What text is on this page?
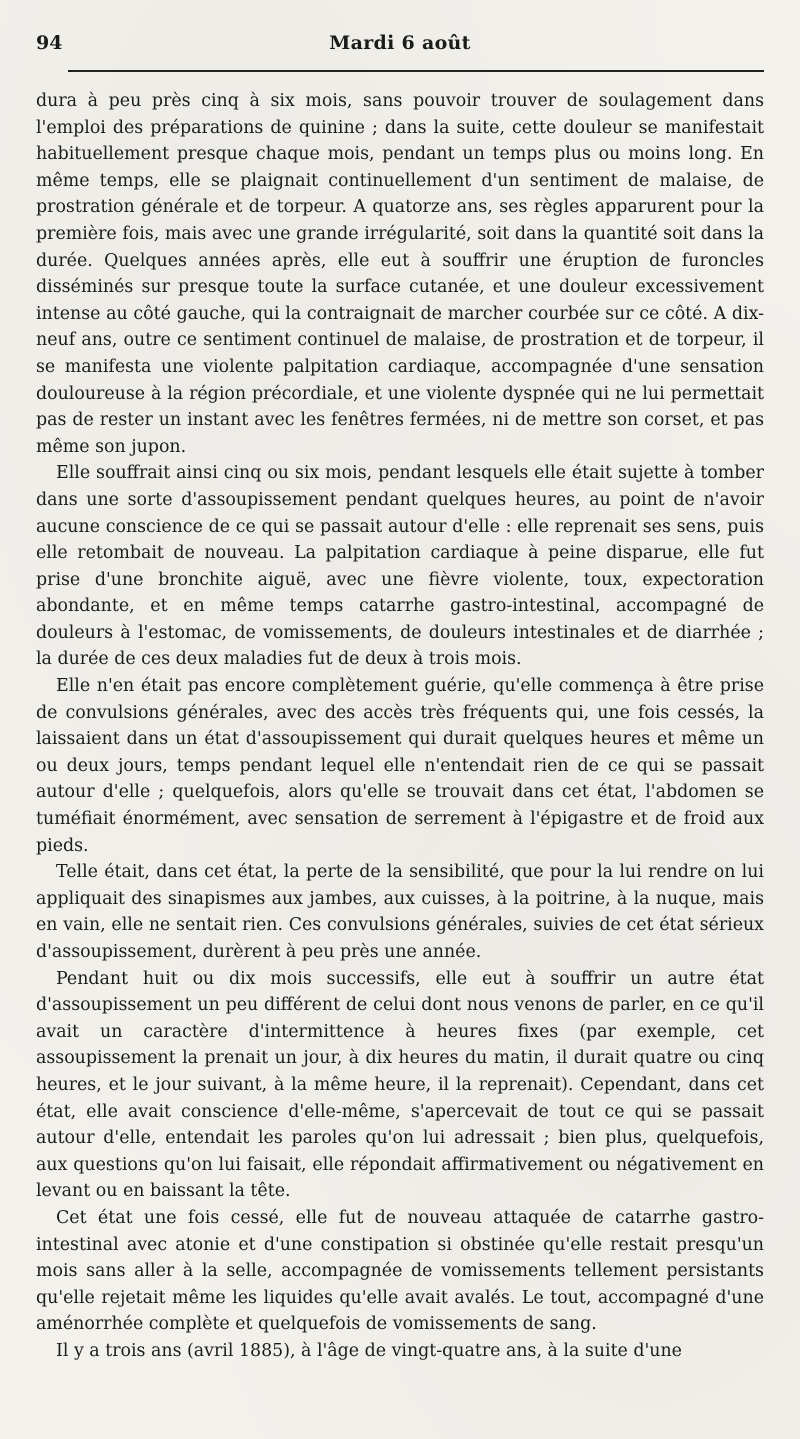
94	Mardi 6 août

dura à peu près cinq à six mois, sans pouvoir trouver de soulagement dans l'emploi des préparations de quinine ; dans la suite, cette douleur se manifestait habituellement presque chaque mois, pendant un temps plus ou moins long. En même temps, elle se plaignait continuellement d'un sentiment de malaise, de prostration générale et de torpeur. A quatorze ans, ses règles apparurent pour la première fois, mais avec une grande irrégularité, soit dans la quantité soit dans la durée. Quelques années après, elle eut à souffrir une éruption de furoncles disséminés sur presque toute la surface cutanée, et une douleur excessivement intense au côté gauche, qui la contraignait de marcher courbée sur ce côté. A dix-neuf ans, outre ce sentiment continuel de malaise, de prostration et de torpeur, il se manifesta une violente palpitation cardiaque, accompagnée d'une sensation douloureuse à la région précordiale, et une violente dyspnée qui ne lui permettait pas de rester un instant avec les fenêtres fermées, ni de mettre son corset, et pas même son jupon.

Elle souffrait ainsi cinq ou six mois, pendant lesquels elle était sujette à tomber dans une sorte d'assoupissement pendant quelques heures, au point de n'avoir aucune conscience de ce qui se passait autour d'elle : elle reprenait ses sens, puis elle retombait de nouveau. La palpitation cardiaque à peine disparue, elle fut prise d'une bronchite aiguë, avec une fièvre violente, toux, expectoration abondante, et en même temps catarrhe gastro-intestinal, accompagné de douleurs à l'estomac, de vomissements, de douleurs intestinales et de diarrhée ; la durée de ces deux maladies fut de deux à trois mois.

Elle n'en était pas encore complètement guérie, qu'elle commença à être prise de convulsions générales, avec des accès très fréquents qui, une fois cessés, la laissaient dans un état d'assoupissement qui durait quelques heures et même un ou deux jours, temps pendant lequel elle n'entendait rien de ce qui se passait autour d'elle ; quelquefois, alors qu'elle se trouvait dans cet état, l'abdomen se tuméfiait énormément, avec sensation de serrement à l'épigastre et de froid aux pieds.

Telle était, dans cet état, la perte de la sensibilité, que pour la lui rendre on lui appliquait des sinapismes aux jambes, aux cuisses, à la poitrine, à la nuque, mais en vain, elle ne sentait rien. Ces convulsions générales, suivies de cet état sérieux d'assoupissement, durèrent à peu près une année.

Pendant huit ou dix mois successifs, elle eut à souffrir un autre état d'assoupissement un peu différent de celui dont nous venons de parler, en ce qu'il avait un caractère d'intermittence à heures fixes (par exemple, cet assoupissement la prenait un jour, à dix heures du matin, il durait quatre ou cinq heures, et le jour suivant, à la même heure, il la reprenait). Cependant, dans cet état, elle avait conscience d'elle-même, s'apercevait de tout ce qui se passait autour d'elle, entendait les paroles qu'on lui adressait ; bien plus, quelquefois, aux questions qu'on lui faisait, elle répondait affirmativement ou négativement en levant ou en baissant la tête.

Cet état une fois cessé, elle fut de nouveau attaquée de catarrhe gastro-intestinal avec atonie et d'une constipation si obstinée qu'elle restait presqu'un mois sans aller à la selle, accompagnée de vomissements tellement persistants qu'elle rejetait même les liquides qu'elle avait avalés. Le tout, accompagné d'une aménorrhée complète et quelquefois de vomissements de sang.

Il y a trois ans (avril 1885), à l'âge de vingt-quatre ans, à la suite d'une
